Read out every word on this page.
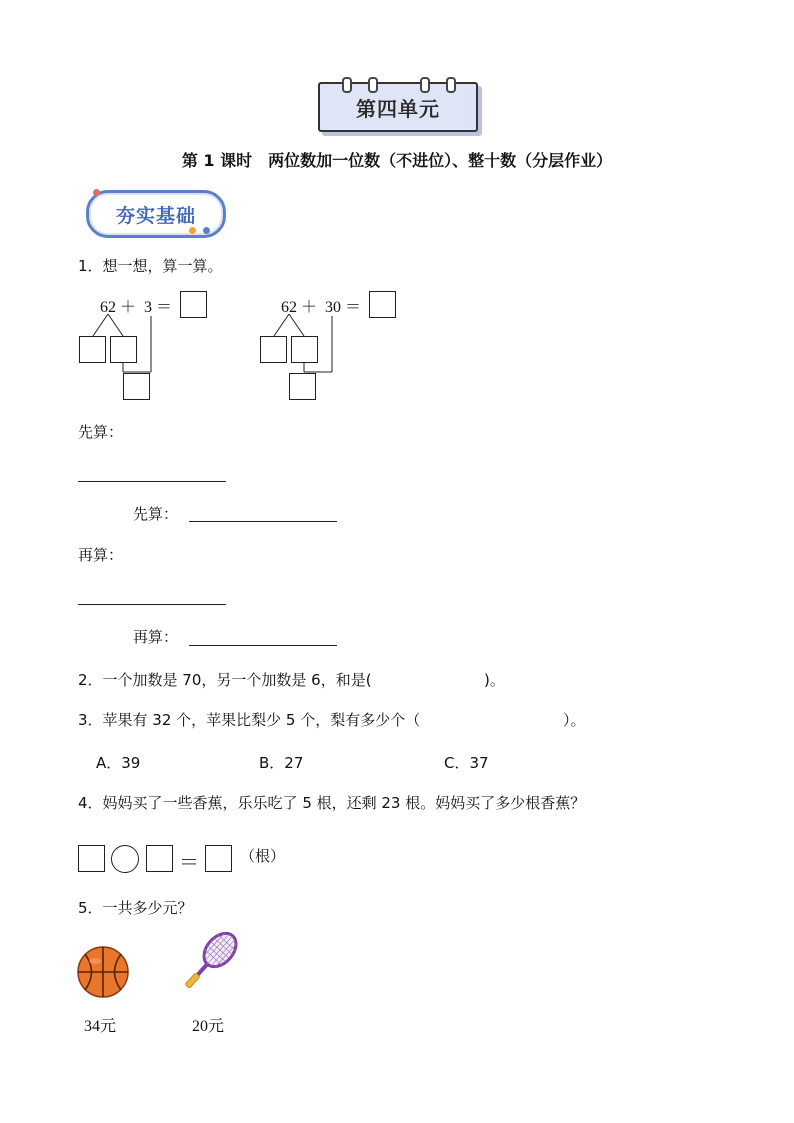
第四单元
第 1 课时　两位数加一位数（不进位）、整十数（分层作业）
夯实基础
1．想一想，算一算。
62 ＋  3 ＝	62 ＋  30 ＝
先算：
先算：
再算：
再算：
2．一个加数是 70，另一个加数是 6，和是(	)。
3．苹果有 32 个，苹果比梨少 5 个，梨有多少个（	）。
A．39	B．27	C．37
4．妈妈买了一些香蕉，乐乐吃了 5 根，还剩 23 根。妈妈买了多少根香蕉？
＝	（根）
5．一共多少元？
34元	20元
